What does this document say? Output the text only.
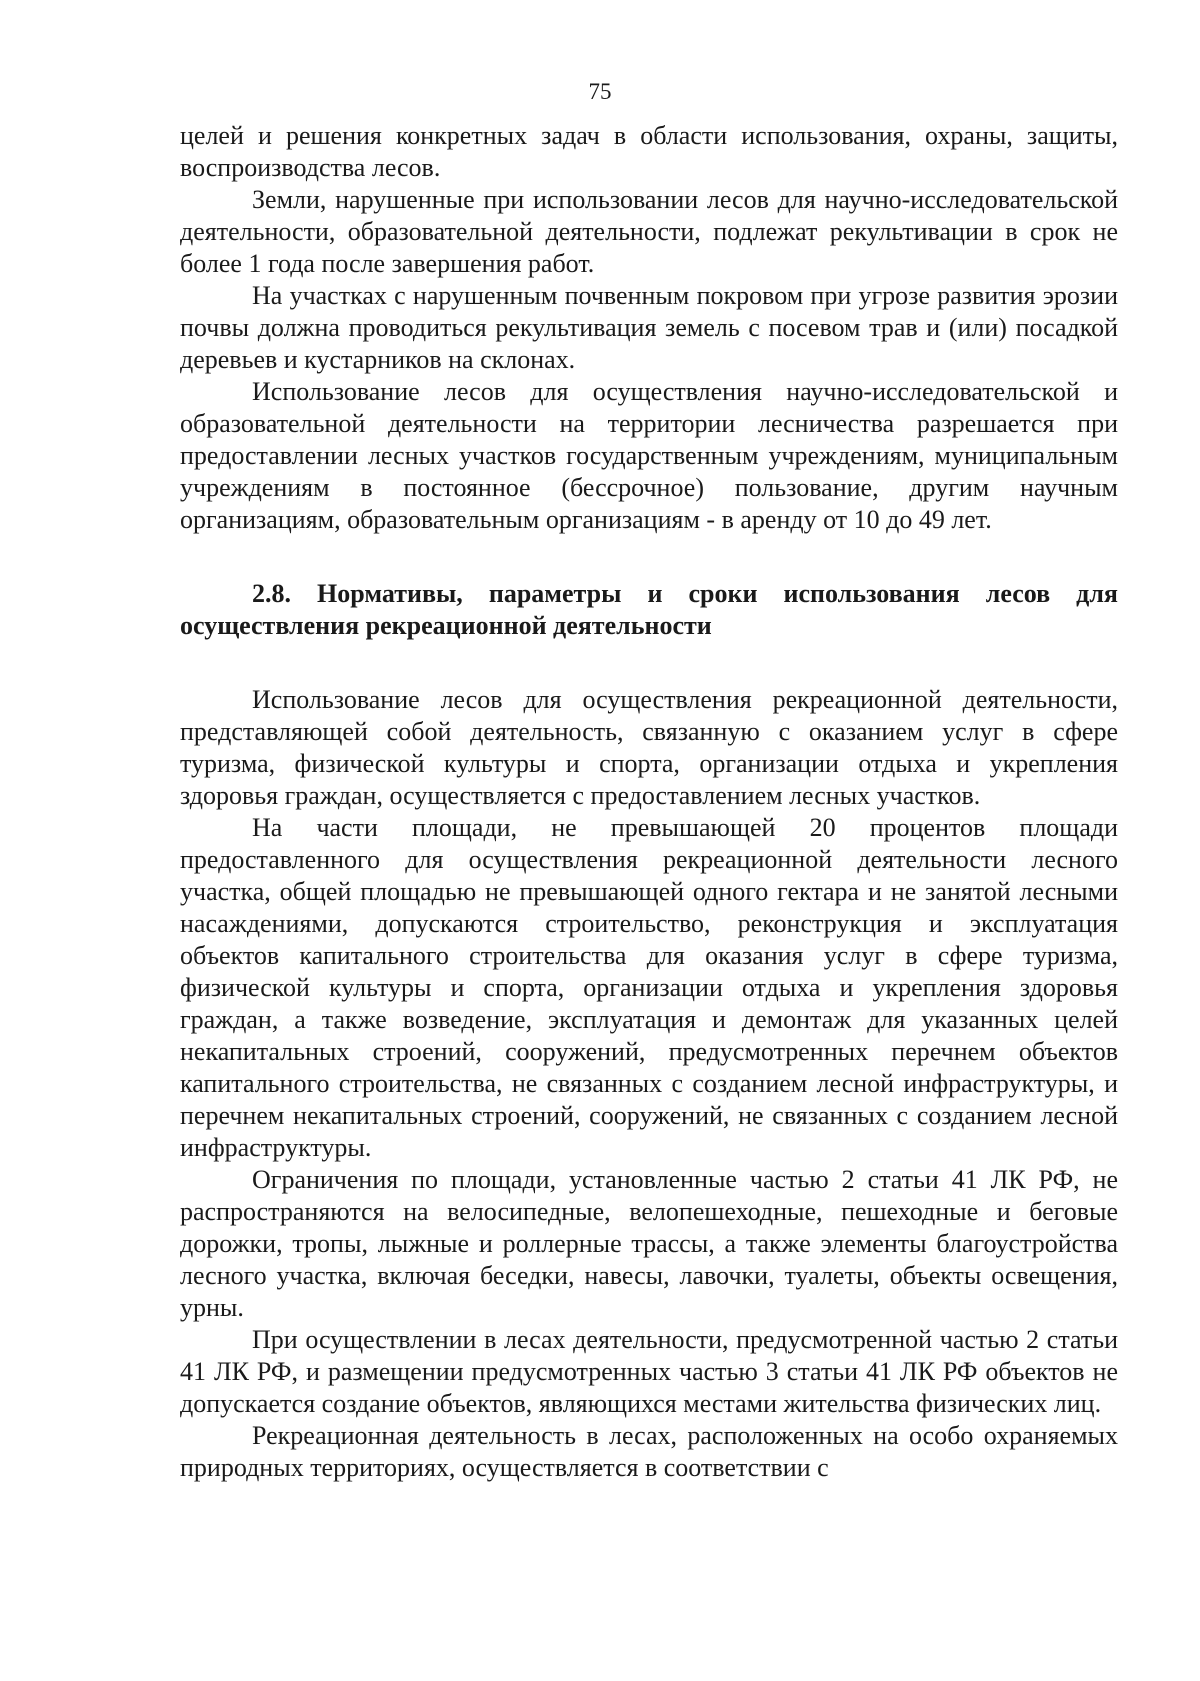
75

целей и решения конкретных задач в области использования, охраны, защиты, воспроизводства лесов.

Земли, нарушенные при использовании лесов для научно-исследовательской деятельности, образовательной деятельности, подлежат рекультивации в срок не более 1 года после завершения работ.

На участках с нарушенным почвенным покровом при угрозе развития эрозии почвы должна проводиться рекультивация земель с посевом трав и (или) посадкой деревьев и кустарников на склонах.

Использование лесов для осуществления научно-исследовательской и образовательной деятельности на территории лесничества разрешается при предоставлении лесных участков государственным учреждениям, муниципальным учреждениям в постоянное (бессрочное) пользование, другим научным организациям, образовательным организациям - в аренду от 10 до 49 лет.

2.8. Нормативы, параметры и сроки использования лесов для осуществления рекреационной деятельности

Использование лесов для осуществления рекреационной деятельности, представляющей собой деятельность, связанную с оказанием услуг в сфере туризма, физической культуры и спорта, организации отдыха и укрепления здоровья граждан, осуществляется с предоставлением лесных участков.

На части площади, не превышающей 20 процентов площади предоставленного для осуществления рекреационной деятельности лесного участка, общей площадью не превышающей одного гектара и не занятой лесными насаждениями, допускаются строительство, реконструкция и эксплуатация объектов капитального строительства для оказания услуг в сфере туризма, физической культуры и спорта, организации отдыха и укрепления здоровья граждан, а также возведение, эксплуатация и демонтаж для указанных целей некапитальных строений, сооружений, предусмотренных перечнем объектов капитального строительства, не связанных с созданием лесной инфраструктуры, и перечнем некапитальных строений, сооружений, не связанных с созданием лесной инфраструктуры.

Ограничения по площади, установленные частью 2 статьи 41 ЛК РФ, не распространяются на велосипедные, велопешеходные, пешеходные и беговые дорожки, тропы, лыжные и роллерные трассы, а также элементы благоустройства лесного участка, включая беседки, навесы, лавочки, туалеты, объекты освещения, урны.

При осуществлении в лесах деятельности, предусмотренной частью 2 статьи 41 ЛК РФ, и размещении предусмотренных частью 3 статьи 41 ЛК РФ объектов не допускается создание объектов, являющихся местами жительства физических лиц.

Рекреационная деятельность в лесах, расположенных на особо охраняемых природных территориях, осуществляется в соответствии с
